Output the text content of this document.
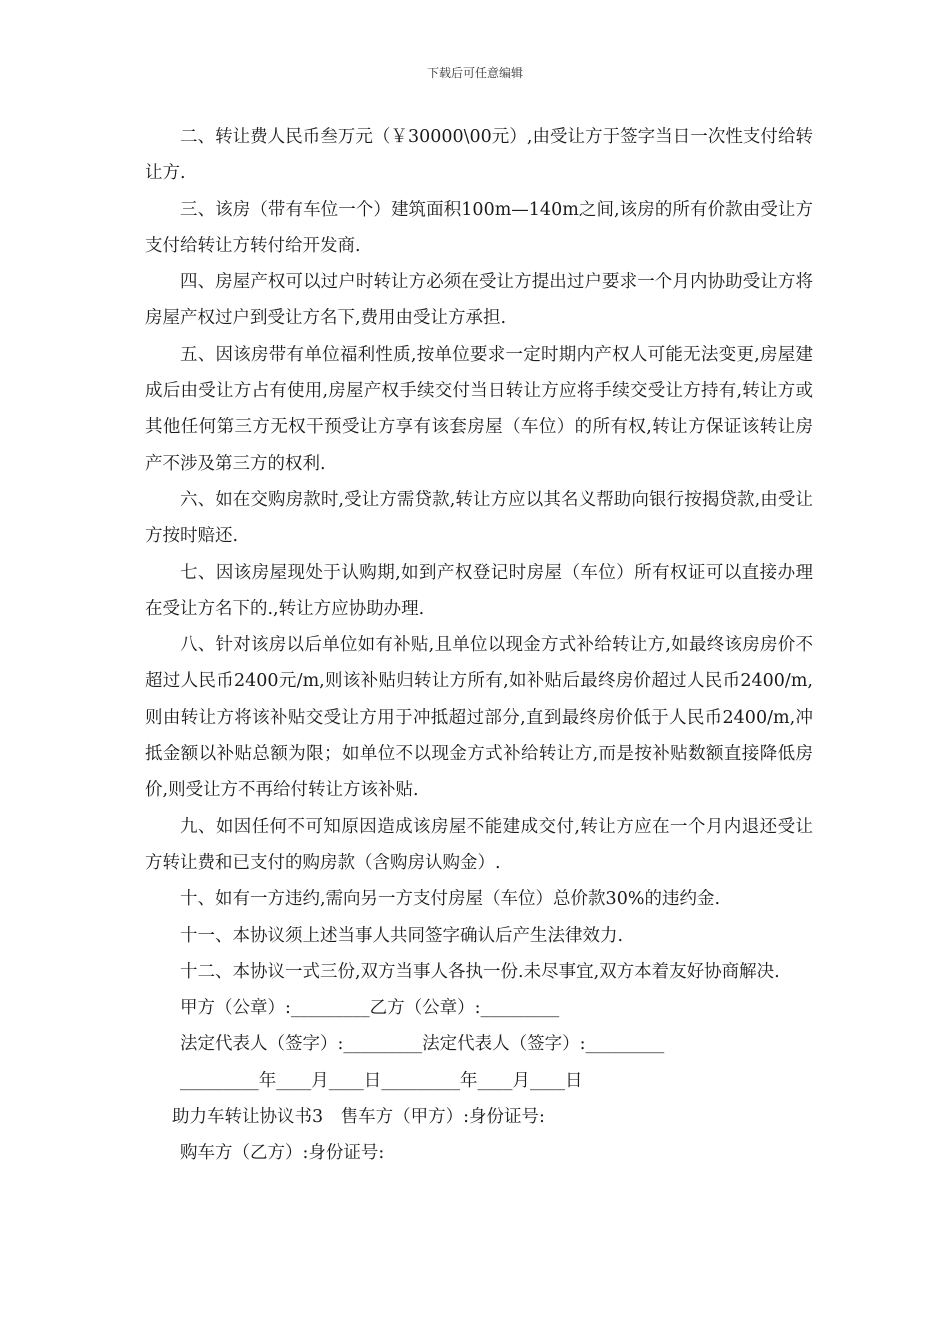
下载后可任意编辑

二、转让费人民币叁万元（￥30000\00元）,由受让方于签字当日一次性支付给转让方.

三、该房（带有车位一个）建筑面积100m—140m之间,该房的所有价款由受让方支付给转让方转付给开发商.

四、房屋产权可以过户时转让方必须在受让方提出过户要求一个月内协助受让方将房屋产权过户到受让方名下,费用由受让方承担.

五、因该房带有单位福利性质,按单位要求一定时期内产权人可能无法变更,房屋建成后由受让方占有使用,房屋产权手续交付当日转让方应将手续交受让方持有,转让方或其他任何第三方无权干预受让方享有该套房屋（车位）的所有权,转让方保证该转让房产不涉及第三方的权利.

六、如在交购房款时,受让方需贷款,转让方应以其名义帮助向银行按揭贷款,由受让方按时赔还.

七、因该房屋现处于认购期,如到产权登记时房屋（车位）所有权证可以直接办理在受让方名下的.,转让方应协助办理.

八、针对该房以后单位如有补贴,且单位以现金方式补给转让方,如最终该房房价不超过人民币2400元/m,则该补贴归转让方所有,如补贴后最终房价超过人民币2400/m,则由转让方将该补贴交受让方用于冲抵超过部分,直到最终房价低于人民币2400/m,冲抵金额以补贴总额为限；如单位不以现金方式补给转让方,而是按补贴数额直接降低房价,则受让方不再给付转让方该补贴.

九、如因任何不可知原因造成该房屋不能建成交付,转让方应在一个月内退还受让方转让费和已支付的购房款（含购房认购金）.

十、如有一方违约,需向另一方支付房屋（车位）总价款30%的违约金.

十一、本协议须上述当事人共同签字确认后产生法律效力.

十二、本协议一式三份,双方当事人各执一份.未尽事宜,双方本着友好协商解决.

甲方（公章）:_________乙方（公章）:_________

法定代表人（签字）:_________法定代表人（签字）:_________

_________年____月____日_________年____月____日

助力车转让协议书3　售车方（甲方）:身份证号:

购车方（乙方）:身份证号:
